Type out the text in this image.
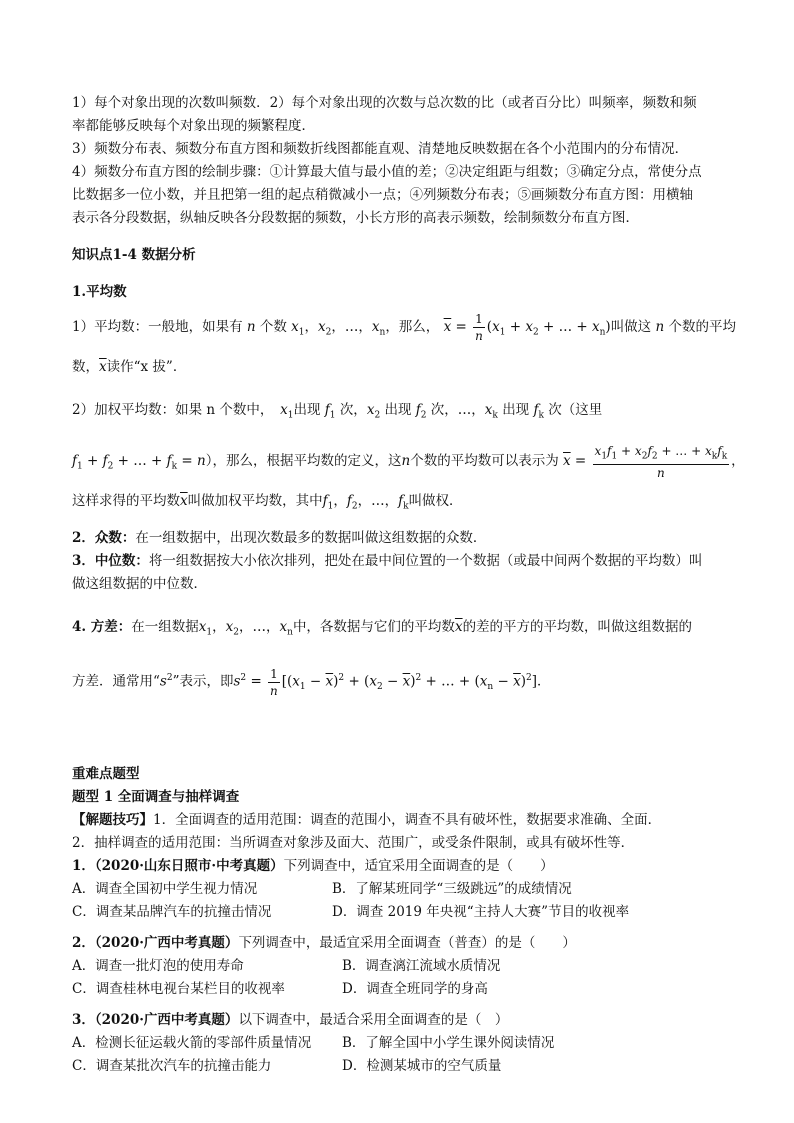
1）每个对象出现的次数叫频数．2）每个对象出现的次数与总次数的比（或者百分比）叫频率，频数和频
率都能够反映每个对象出现的频繁程度．
3）频数分布表、频数分布直方图和频数折线图都能直观、清楚地反映数据在各个小范围内的分布情况．
4）频数分布直方图的绘制步骤：①计算最大值与最小值的差；②决定组距与组数；③确定分点，常使分点
比数据多一位小数，并且把第一组的起点稍微减小一点；④列频数分布表；⑤画频数分布直方图：用横轴
表示各分段数据，纵轴反映各分段数据的频数，小长方形的高表示频数，绘制频数分布直方图．
知识点1-4 数据分析
1.平均数
1）平均数：一般地，如果有 n 个数 $x_1$，$x_2$，…，$x_n$，那么， $\overline{x} = \frac{1}{n} (x_1 + x_2$ + … + $x_n$)叫做这 n 个数的平均
数，$\overline{x}$读作“x 拔”．
2）加权平均数：如果 n 个数中，　 $x_1$出现 $f_1$ 次，$x_2$ 出现 $f_2$ 次，…，$x_k$ 出现 $f_k$ 次（这里
$f_1 + f_2$ + … + $f_k = n$），那么，根据平均数的定义，这n个数的平均数可以表示为 $\overline{x} = \frac{x_1f_1 + x_2f_2 + \dots + x_kf_k}{n}$ ，
这样求得的平均数$\overline{x}$叫做加权平均数，其中$f_1$，$f_2$，…，$f_k$叫做权．
2．众数：在一组数据中，出现次数最多的数据叫做这组数据的众数．
3．中位数：将一组数据按大小依次排列，把处在最中间位置的一个数据（或最中间两个数据的平均数）叫
做这组数据的中位数．
4. 方差：在一组数据$x_1$，$x_2$，…，$x_n$中，各数据与它们的平均数$\overline{x}$的差的平方的平均数，叫做这组数据的
方差．通常用“$s^2$”表示，即$s^2 = \frac{1}{n} [(x_1 - \overline{x})^2 + (x_2 - \overline{x})^2$ + … + $(x_n - \overline{x})^2$]．
重难点题型
题型 1 全面调查与抽样调查
【解题技巧】1．全面调查的适用范围：调查的范围小，调查不具有破坏性，数据要求准确、全面．
2．抽样调查的适用范围：当所调查对象涉及面大、范围广，或受条件限制，或具有破坏性等．
1．（2020·山东日照市·中考真题）下列调查中，适宜采用全面调查的是（　　）
A．调查全国初中学生视力情况	B．了解某班同学“三级跳远”的成绩情况
C．调查某品牌汽车的抗撞击情况	D．调查 2019 年央视“主持人大赛”节目的收视率
2．（2020·广西中考真题）下列调查中，最适宜采用全面调查（普查）的是（　　）
A．调查一批灯泡的使用寿命	B．调查漓江流域水质情况
C．调查桂林电视台某栏目的收视率	D．调查全班同学的身高
3．（2020·广西中考真题）以下调查中，最适合采用全面调查的是（　）
A．检测长征运载火箭的零部件质量情况	B．了解全国中小学生课外阅读情况
C．调查某批次汽车的抗撞击能力	D．检测某城市的空气质量
